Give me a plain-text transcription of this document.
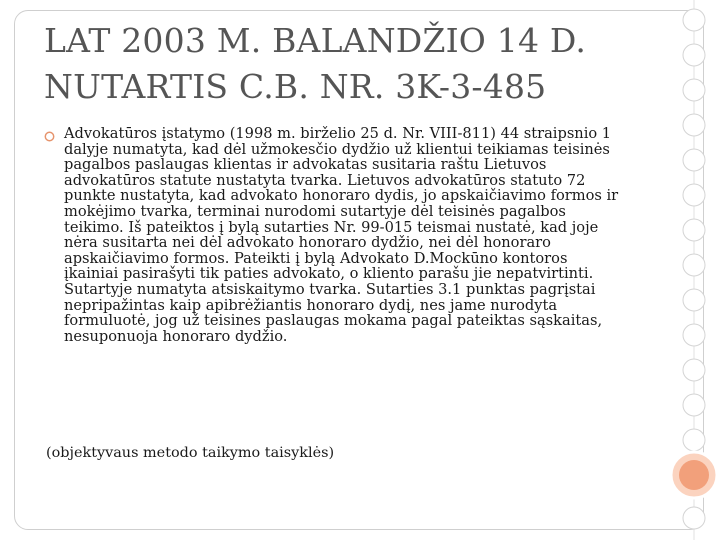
LAT 2003 M. BALANDŽIO 14 D.
NUTARTIS C.B. NR. 3K-3-485

Advokatūros įstatymo (1998 m. birželio 25 d. Nr. VIII-811) 44 straipsnio 1 dalyje numatyta, kad dėl užmokesčio dydžio už klientui teikiamas teisinės pagalbos paslaugas klientas ir advokatas susitaria raštu Lietuvos advokatūros statute nustatyta tvarka. Lietuvos advokatūros statuto 72 punkte nustatyta, kad advokato honoraro dydis, jo apskaičiavimo formos ir mokėjimo tvarka, terminai nurodomi sutartyje dėl teisinės pagalbos teikimo. Iš pateiktos į bylą sutarties Nr. 99-015 teismai nustatė, kad joje nėra susitarta nei dėl advokato honoraro dydžio, nei dėl honoraro apskaičiavimo formos. Pateikti į bylą Advokato D.Mockūno kontoros įkainiai pasirašyti tik paties advokato, o kliento parašu jie nepatvirtinti. Sutartyje numatyta atsiskaitymo tvarka. Sutarties 3.1 punktas pagrįstai nepripažintas kaip apibrėžiantis honoraro dydį, nes jame nurodyta formuluotė, jog už teisines paslaugas mokama pagal pateiktas sąskaitas, nesuponuoja honoraro dydžio.

(objektyvaus metodo taikymo taisyklės)
